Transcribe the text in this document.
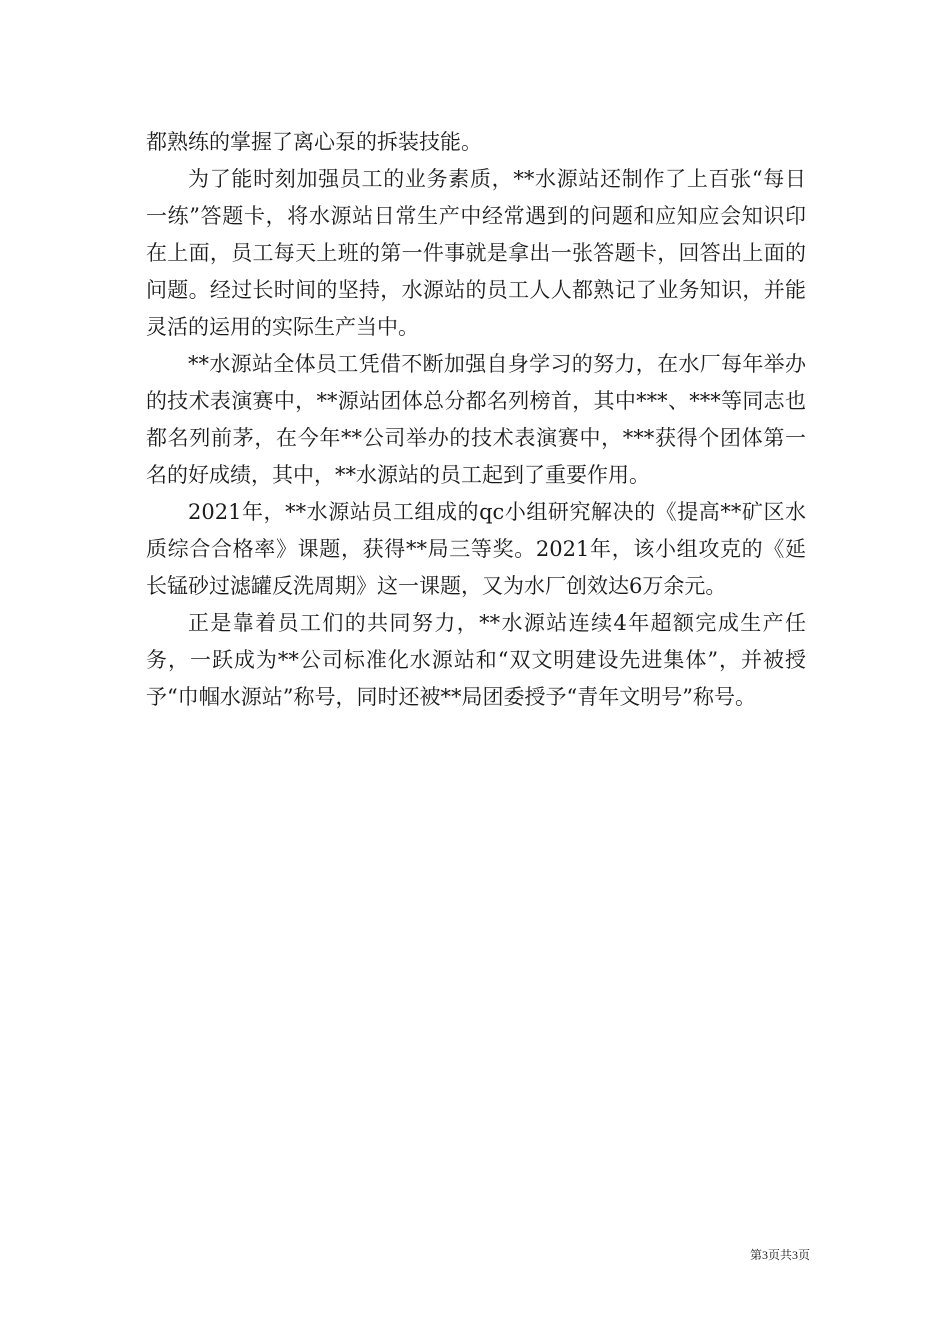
都熟练的掌握了离心泵的拆装技能。

为了能时刻加强员工的业务素质，**水源站还制作了上百张“每日一练”答题卡，将水源站日常生产中经常遇到的问题和应知应会知识印在上面，员工每天上班的第一件事就是拿出一张答题卡，回答出上面的问题。经过长时间的坚持，水源站的员工人人都熟记了业务知识，并能灵活的运用的实际生产当中。

**水源站全体员工凭借不断加强自身学习的努力，在水厂每年举办的技术表演赛中，**源站团体总分都名列榜首，其中***、***等同志也都名列前茅，在今年**公司举办的技术表演赛中，***获得个团体第一名的好成绩，其中，**水源站的员工起到了重要作用。

2021年，**水源站员工组成的qc小组研究解决的《提高**矿区水质综合合格率》课题，获得**局三等奖。2021年，该小组攻克的《延长锰砂过滤罐反洗周期》这一课题，又为水厂创效达6万余元。

正是靠着员工们的共同努力，**水源站连续4年超额完成生产任务，一跃成为**公司标准化水源站和“双文明建设先进集体”，并被授予“巾帼水源站”称号，同时还被**局团委授予“青年文明号”称号。

第3页共3页
